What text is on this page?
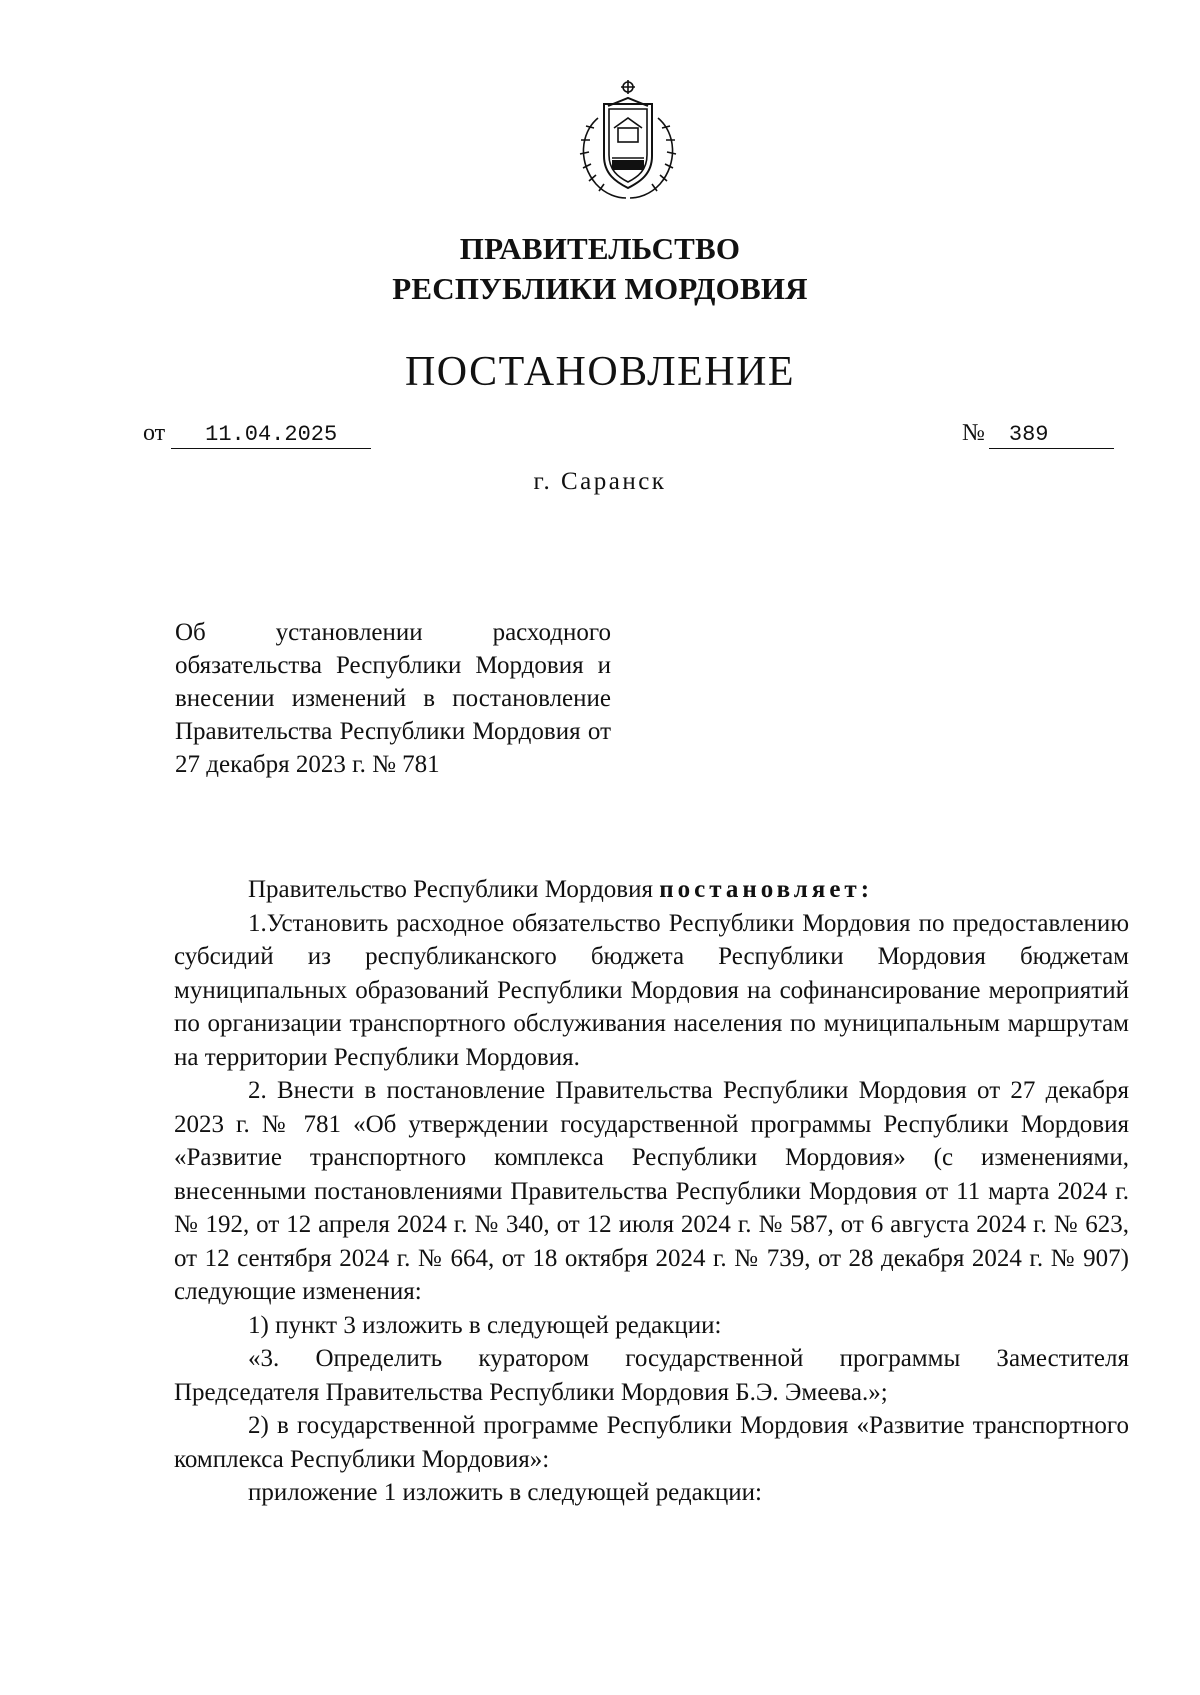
ПРАВИТЕЛЬСТВО
РЕСПУБЛИКИ МОРДОВИЯ
ПОСТАНОВЛЕНИЕ
от 11.04.2025	№ 389
г. Саранск
Об установлении расходного обязательства Республики Мордовия и внесении изменений в постановление Правительства Республики Мордовия от
27 декабря 2023 г. № 781

Правительство Республики Мордовия постановляет:

1.Установить расходное обязательство Республики Мордовия по предоставлению субсидий из республиканского бюджета Республики Мордовия бюджетам муниципальных образований Республики Мордовия на софинансирование мероприятий по организации транспортного обслуживания населения по муниципальным маршрутам на территории Республики Мордовия.

2. Внести в постановление Правительства Республики Мордовия от 27 декабря 2023 г. № 781 «Об утверждении государственной программы Республики Мордовия «Развитие транспортного комплекса Республики Мордовия» (с изменениями, внесенными постановлениями Правительства Республики Мордовия от 11 марта 2024 г. № 192, от 12 апреля 2024 г. № 340, от 12 июля 2024 г. № 587, от 6 августа 2024 г. № 623, от 12 сентября 2024 г. № 664, от 18 октября 2024 г. № 739, от 28 декабря 2024 г. № 907) следующие изменения:

1) пункт 3 изложить в следующей редакции:

«3. Определить куратором государственной программы Заместителя Председателя Правительства Республики Мордовия Б.Э. Эмеева.»;

2) в государственной программе Республики Мордовия «Развитие транспортного комплекса Республики Мордовия»:

приложение 1 изложить в следующей редакции:
